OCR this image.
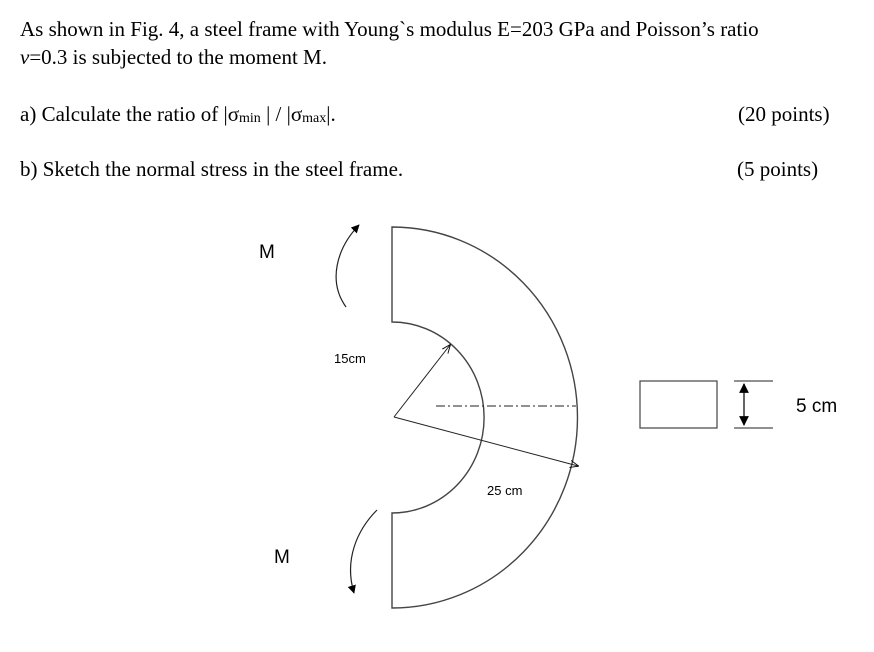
As shown in Fig. 4, a steel frame with Young`s modulus E=203 GPa and Poisson’s ratio
ν=0.3 is subjected to the moment M.
a) Calculate the ratio of |σmin | / |σmax|.	(20 points)
b) Sketch the normal stress in the steel frame.	(5 points)
M
M
15cm
25 cm
5 cm
